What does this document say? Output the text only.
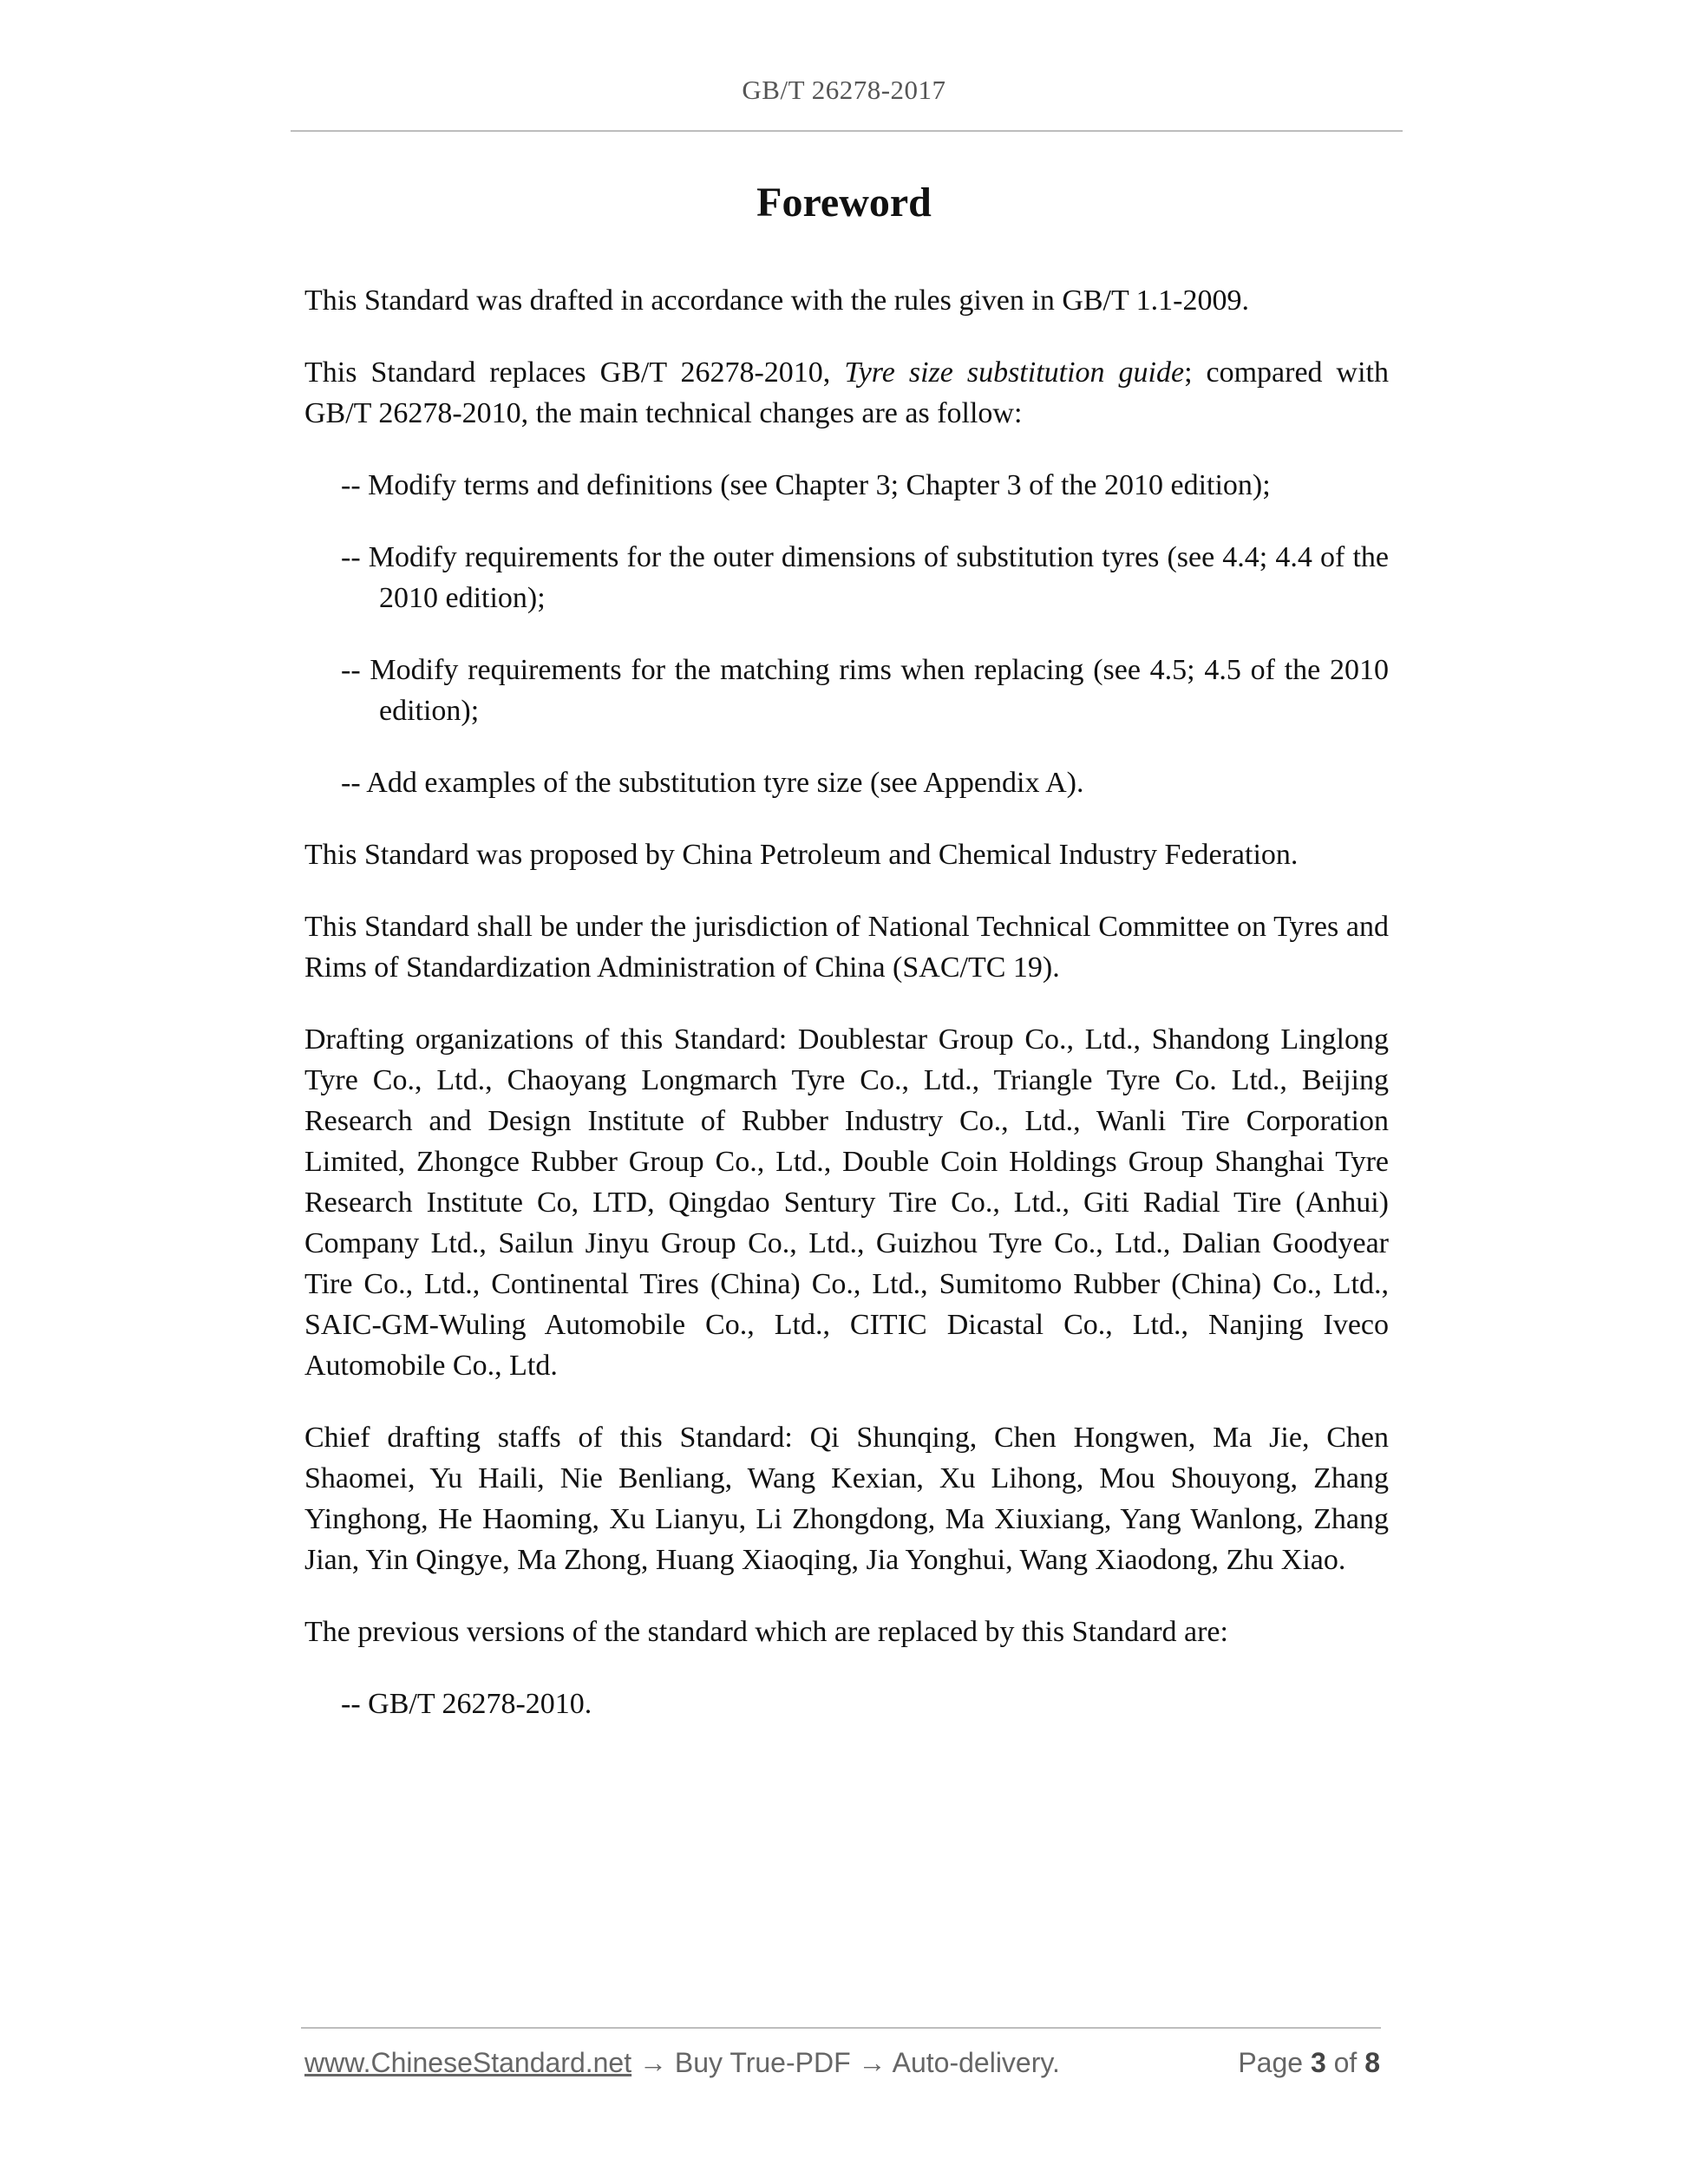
GB/T 26278-2017
Foreword

This Standard was drafted in accordance with the rules given in GB/T 1.1-2009.

This Standard replaces GB/T 26278-2010, Tyre size substitution guide; compared with GB/T 26278-2010, the main technical changes are as follow:

-- Modify terms and definitions (see Chapter 3; Chapter 3 of the 2010 edition);

-- Modify requirements for the outer dimensions of substitution tyres (see 4.4; 4.4 of the 2010 edition);

-- Modify requirements for the matching rims when replacing (see 4.5; 4.5 of the 2010 edition);

-- Add examples of the substitution tyre size (see Appendix A).

This Standard was proposed by China Petroleum and Chemical Industry Federation.

This Standard shall be under the jurisdiction of National Technical Committee on Tyres and Rims of Standardization Administration of China (SAC/TC 19).

Drafting organizations of this Standard: Doublestar Group Co., Ltd., Shandong Linglong Tyre Co., Ltd., Chaoyang Longmarch Tyre Co., Ltd., Triangle Tyre Co. Ltd., Beijing Research and Design Institute of Rubber Industry Co., Ltd., Wanli Tire Corporation Limited, Zhongce Rubber Group Co., Ltd., Double Coin Holdings Group Shanghai Tyre Research Institute Co, LTD, Qingdao Sentury Tire Co., Ltd., Giti Radial Tire (Anhui) Company Ltd., Sailun Jinyu Group Co., Ltd., Guizhou Tyre Co., Ltd., Dalian Goodyear Tire Co., Ltd., Continental Tires (China) Co., Ltd., Sumitomo Rubber (China) Co., Ltd., SAIC-GM-Wuling Automobile Co., Ltd., CITIC Dicastal Co., Ltd., Nanjing Iveco Automobile Co., Ltd.

Chief drafting staffs of this Standard: Qi Shunqing, Chen Hongwen, Ma Jie, Chen Shaomei, Yu Haili, Nie Benliang, Wang Kexian, Xu Lihong, Mou Shouyong, Zhang Yinghong, He Haoming, Xu Lianyu, Li Zhongdong, Ma Xiuxiang, Yang Wanlong, Zhang Jian, Yin Qingye, Ma Zhong, Huang Xiaoqing, Jia Yonghui, Wang Xiaodong, Zhu Xiao.

The previous versions of the standard which are replaced by this Standard are:

-- GB/T 26278-2010.

www.ChineseStandard.net → Buy True-PDF → Auto-delivery.	Page 3 of 8
